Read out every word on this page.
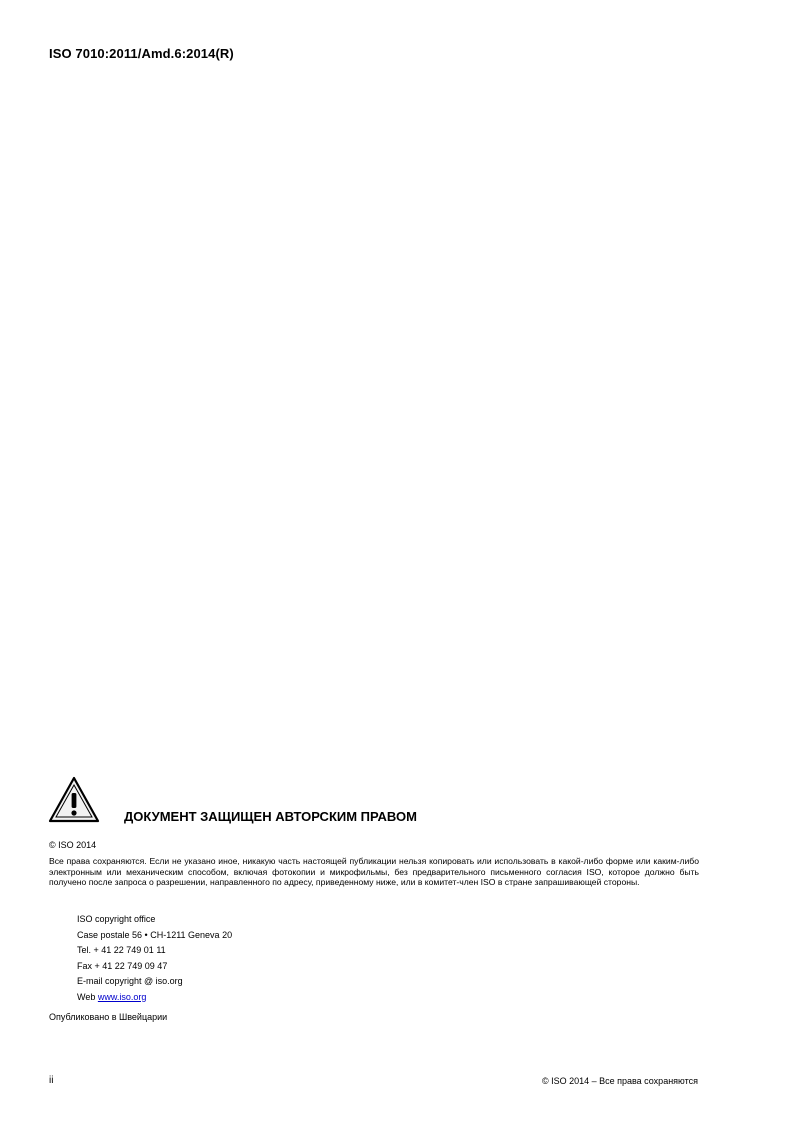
ISO 7010:2011/Amd.6:2014(R)
ДОКУМЕНТ ЗАЩИЩЕН АВТОРСКИМ ПРАВОМ
© ISO 2014
Все права сохраняются. Если не указано иное, никакую часть настоящей публикации нельзя копировать или использовать в какой-либо форме или каким-либо электронным или механическим способом, включая фотокопии и микрофильмы, без предварительного письменного согласия ISO, которое должно быть получено после запроса о разрешении, направленного по адресу, приведенному ниже, или в комитет-член ISO в стране запрашивающей стороны.
ISO copyright office
Case postale 56 • CH-1211 Geneva 20
Tel. + 41 22 749 01 11
Fax + 41 22 749 09 47
E-mail copyright @ iso.org
Web www.iso.org
Опубликовано в Швейцарии
ii	© ISO 2014 – Все права сохраняются
